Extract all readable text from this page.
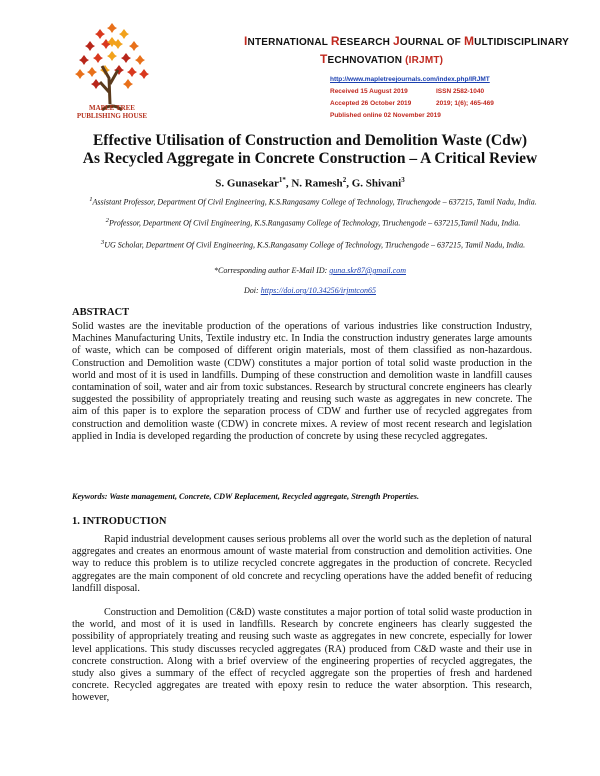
MAPLE TREE
PUBLISHING HOUSE
INTERNATIONAL RESEARCH JOURNAL OF MULTIDISCIPLINARY
TECHNOVATION (IRJMT)
http://www.mapletreejournals.com/index.php/IRJMT
Received 15 August 2019	ISSN 2582-1040
Accepted 26 October 2019	2019; 1(6); 465-469
Published online 02 November 2019
Effective Utilisation of Construction and Demolition Waste (Cdw)
As Recycled Aggregate in Concrete Construction – A Critical Review
S. Gunasekar$^{1*}$, N. Ramesh$^2$, G. Shivani$^3$
$^1$Assistant Professor, Department Of Civil Engineering, K.S.Rangasamy College of Technology, Tiruchengode – 637215, Tamil Nadu, India.
$^2$Professor, Department Of Civil Engineering, K.S.Rangasamy College of Technology, Tiruchengode – 637215,Tamil Nadu, India.
$^3$UG Scholar, Department Of Civil Engineering, K.S.Rangasamy College of Technology, Tiruchengode – 637215, Tamil Nadu, India.
*Corresponding author E-Mail ID: guna.skr87@gmail.com
Doi: https://doi.org/10.34256/irjmtcon65
ABSTRACT
Solid wastes are the inevitable production of the operations of various industries like construction Industry, Machines Manufacturing Units, Textile industry etc. In India the construction industry generates large amounts of waste, which can be composed of different origin materials, most of them classified as non-hazardous. Construction and Demolition waste (CDW) constitutes a major portion of total solid waste production in the world and most of it is used in landfills. Dumping of these construction and demolition waste in landfill causes contamination of soil, water and air from toxic substances. Research by structural concrete engineers has clearly suggested the possibility of appropriately treating and reusing such waste as aggregates in new concrete. The aim of this paper is to explore the separation process of CDW and further use of recycled aggregates from construction and demolition waste (CDW) in concrete mixes. A review of most recent research and legislation applied in India is developed regarding the production of concrete by using these recycled aggregates.
Keywords: Waste management, Concrete, CDW Replacement, Recycled aggregate, Strength Properties.
1. INTRODUCTION
Rapid industrial development causes serious problems all over the world such as the depletion of natural aggregates and creates an enormous amount of waste material from construction and demolition activities. One way to reduce this problem is to utilize recycled concrete aggregates in the production of concrete. Recycled aggregates are the main component of old concrete and recycling operations have the added benefit of reducing landfill disposal.
Construction and Demolition (C&D) waste constitutes a major portion of total solid waste production in the world, and most of it is used in landfills. Research by concrete engineers has clearly suggested the possibility of appropriately treating and reusing such waste as aggregates in new concrete, especially for lower level applications. This study discusses recycled aggregates (RA) produced from C&D waste and their use in concrete construction. Along with a brief overview of the engineering properties of recycled aggregates, the study also gives a summary of the effect of recycled aggregate son the properties of fresh and hardened concrete. Recycled aggregates are treated with epoxy resin to reduce the water absorption. This research, however,
